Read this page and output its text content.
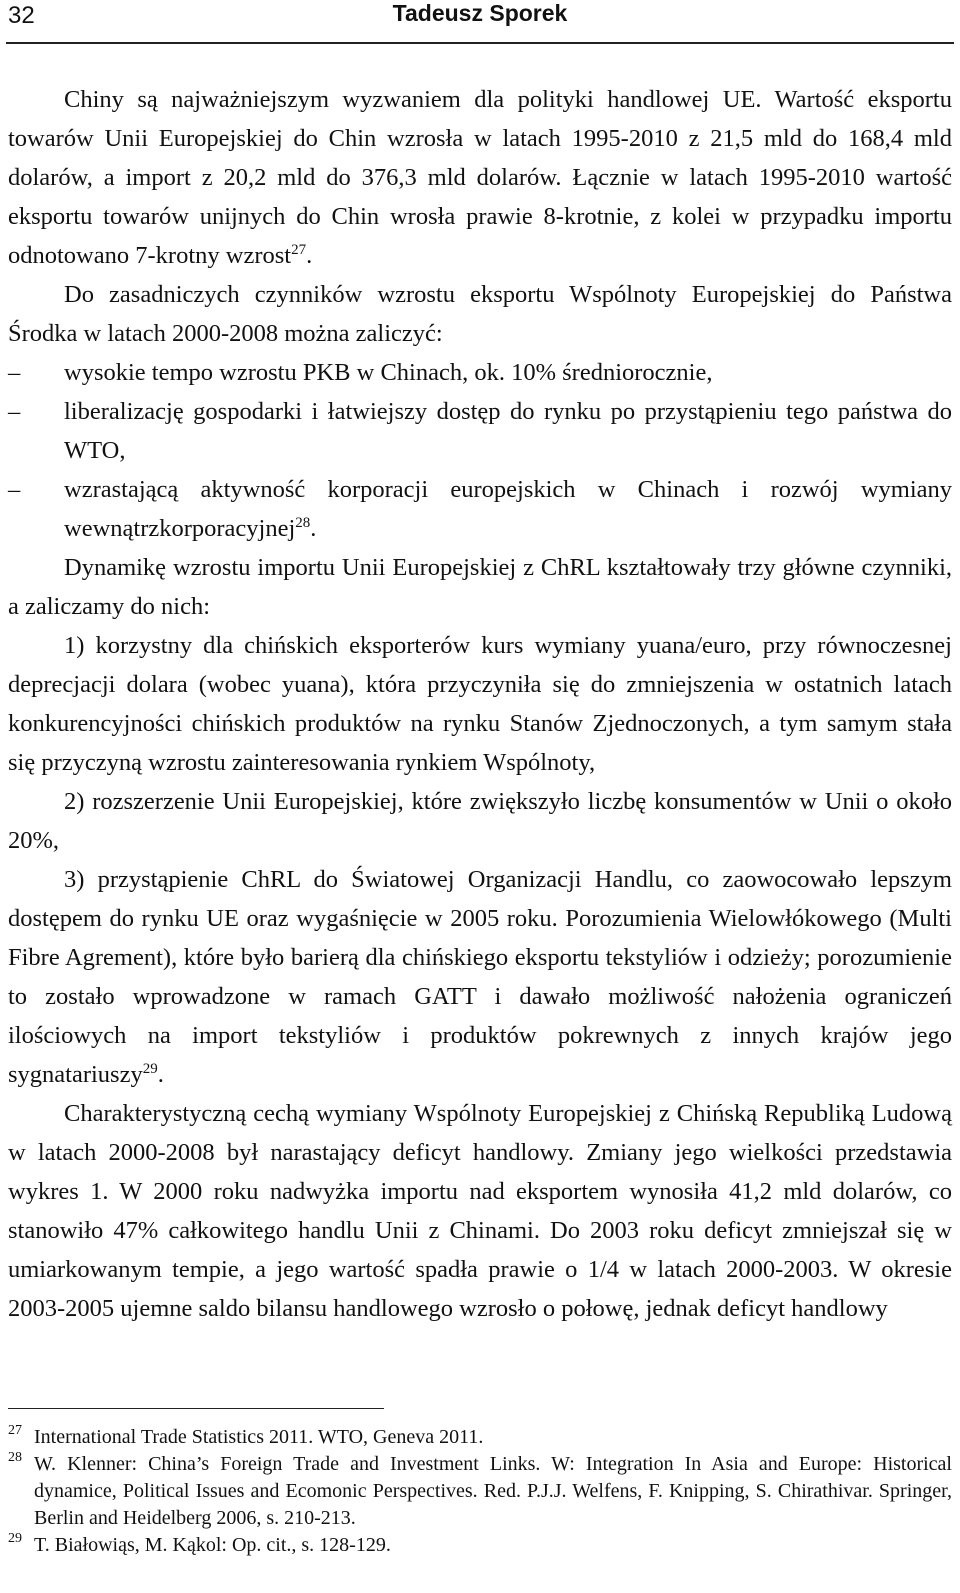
32	Tadeusz Sporek

Chiny są najważniejszym wyzwaniem dla polityki handlowej UE. Wartość eksportu towarów Unii Europejskiej do Chin wzrosła w latach 1995-2010 z 21,5 mld do 168,4 mld dolarów, a import z 20,2 mld do 376,3 mld dolarów. Łącznie w latach 1995-2010 wartość eksportu towarów unijnych do Chin wrosła prawie 8-krotnie, z kolei w przypadku importu odnotowano 7-krotny wzrost$^{27}$.

Do zasadniczych czynników wzrostu eksportu Wspólnoty Europejskiej do Państwa Środka w latach 2000-2008 można zaliczyć:

– wysokie tempo wzrostu PKB w Chinach, ok. 10% średniorocznie,
– liberalizację gospodarki i łatwiejszy dostęp do rynku po przystąpieniu tego państwa do WTO,
– wzrastającą aktywność korporacji europejskich w Chinach i rozwój wymiany wewnątrzkorporacyjnej$^{28}$.

Dynamikę wzrostu importu Unii Europejskiej z ChRL kształtowały trzy główne czynniki, a zaliczamy do nich:

1) korzystny dla chińskich eksporterów kurs wymiany yuana/euro, przy równoczesnej deprecjacji dolara (wobec yuana), która przyczyniła się do zmniejszenia w ostatnich latach konkurencyjności chińskich produktów na rynku Stanów Zjednoczonych, a tym samym stała się przyczyną wzrostu zainteresowania rynkiem Wspólnoty,

2) rozszerzenie Unii Europejskiej, które zwiększyło liczbę konsumentów w Unii o około 20%,

3) przystąpienie ChRL do Światowej Organizacji Handlu, co zaowocowało lepszym dostępem do rynku UE oraz wygaśnięcie w 2005 roku. Porozumienia Wielowłókowego (Multi Fibre Agrement), które było barierą dla chińskiego eksportu tekstyliów i odzieży; porozumienie to zostało wprowadzone w ramach GATT i dawało możliwość nałożenia ograniczeń ilościowych na import tekstyliów i produktów pokrewnych z innych krajów jego sygnatariuszy$^{29}$.

Charakterystyczną cechą wymiany Wspólnoty Europejskiej z Chińską Republiką Ludową w latach 2000-2008 był narastający deficyt handlowy. Zmiany jego wielkości przedstawia wykres 1. W 2000 roku nadwyżka importu nad eksportem wynosiła 41,2 mld dolarów, co stanowiło 47% całkowitego handlu Unii z Chinami. Do 2003 roku deficyt zmniejszał się w umiarkowanym tempie, a jego wartość spadła prawie o 1/4 w latach 2000-2003. W okresie 2003-2005 ujemne saldo bilansu handlowego wzrosło o połowę, jednak deficyt handlowy

27 International Trade Statistics 2011. WTO, Geneva 2011.
28 W. Klenner: China’s Foreign Trade and Investment Links. W: Integration In Asia and Europe: Historical dynamice, Political Issues and Ecomonic Perspectives. Red. P.J.J. Welfens, F. Knipping, S. Chirathivar. Springer, Berlin and Heidelberg 2006, s. 210-213.
29 T. Białowiąs, M. Kąkol: Op. cit., s. 128-129.
